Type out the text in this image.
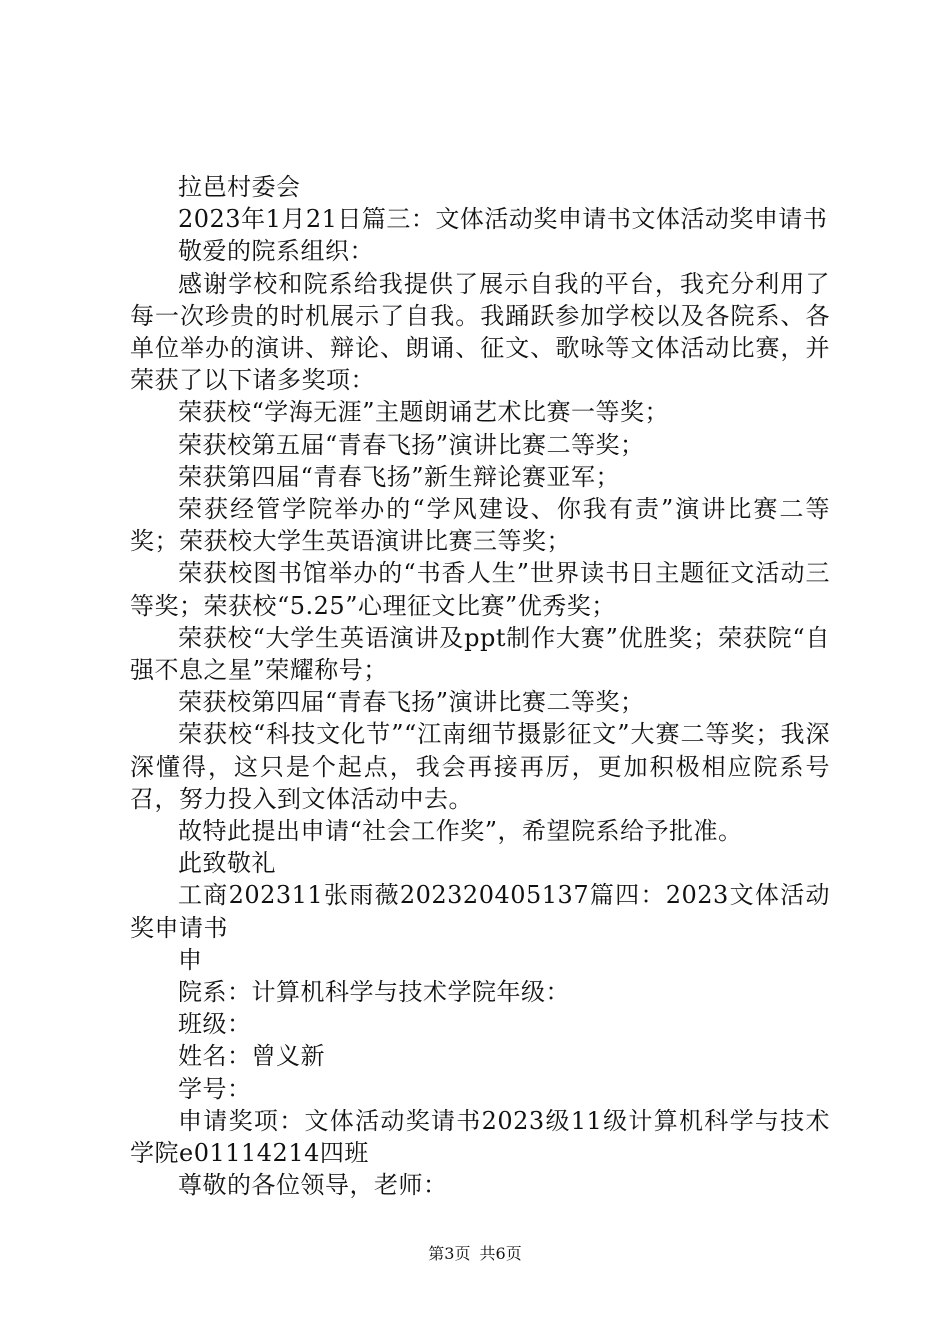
拉邑村委会

2023年1月21日篇三：文体活动奖申请书文体活动奖申请书

敬爱的院系组织：

感谢学校和院系给我提供了展示自我的平台，我充分利用了每一次珍贵的时机展示了自我。我踊跃参加学校以及各院系、各单位举办的演讲、辩论、朗诵、征文、歌咏等文体活动比赛，并荣获了以下诸多奖项：

荣获校“学海无涯”主题朗诵艺术比赛一等奖；

荣获校第五届“青春飞扬”演讲比赛二等奖；

荣获第四届“青春飞扬”新生辩论赛亚军；

荣获经管学院举办的“学风建设、你我有责”演讲比赛二等奖；荣获校大学生英语演讲比赛三等奖；

荣获校图书馆举办的“书香人生”世界读书日主题征文活动三等奖；荣获校“5.25”心理征文比赛”优秀奖；

荣获校“大学生英语演讲及ppt制作大赛”优胜奖；荣获院“自强不息之星”荣耀称号；

荣获校第四届“青春飞扬”演讲比赛二等奖；

荣获校“科技文化节”“江南细节摄影征文”大赛二等奖；我深深懂得，这只是个起点，我会再接再厉，更加积极相应院系号召，努力投入到文体活动中去。

故特此提出申请“社会工作奖”，希望院系给予批准。

此致敬礼

工商202311张雨薇202320405137篇四：2023文体活动奖申请书

申

院系：计算机科学与技术学院年级：

班级：

姓名：曾义新

学号：

申请奖项：文体活动奖请书2023级11级计算机科学与技术学院e01114214四班

尊敬的各位领导，老师：

第3页 共6页
